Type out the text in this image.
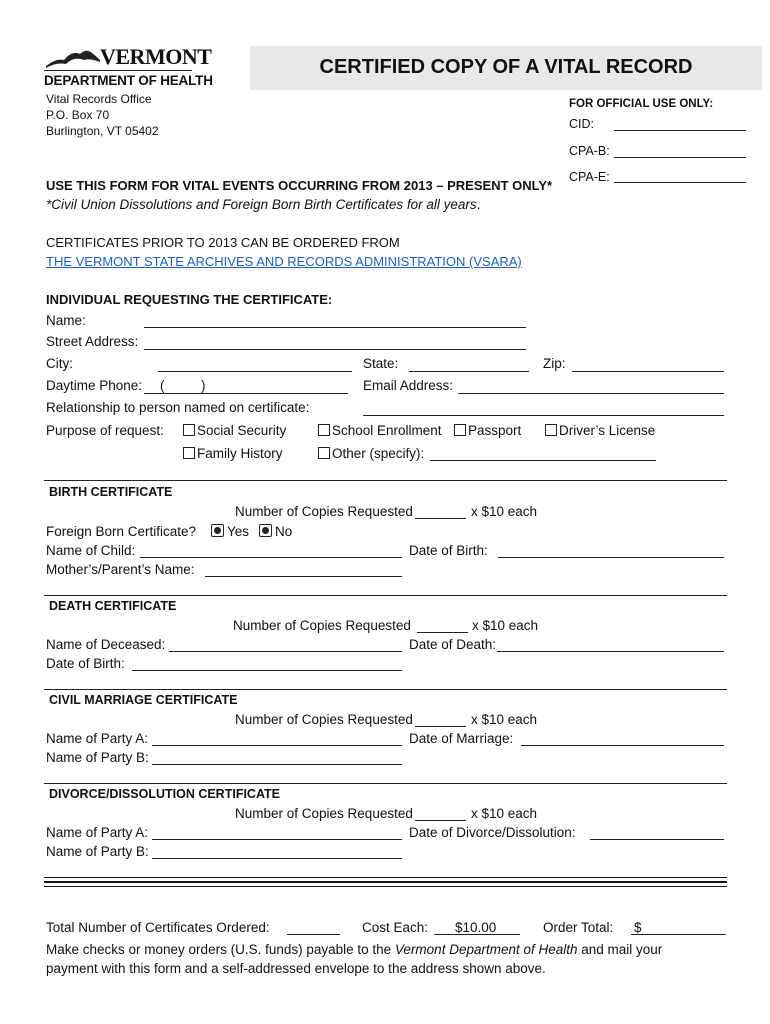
VERMONT
DEPARTMENT OF HEALTH
Vital Records Office
P.O. Box 70
Burlington, VT 05402
CERTIFIED COPY OF A VITAL RECORD
FOR OFFICIAL USE ONLY:
CID:
CPA-B:
CPA-E:
USE THIS FORM FOR VITAL EVENTS OCCURRING FROM 2013 – PRESENT ONLY*
*Civil Union Dissolutions and Foreign Born Birth Certificates for all years.
CERTIFICATES PRIOR TO 2013 CAN BE ORDERED FROM
THE VERMONT STATE ARCHIVES AND RECORDS ADMINISTRATION (VSARA)
INDIVIDUAL REQUESTING THE CERTIFICATE:
Name:
Street Address:
City:	State:	Zip:
Daytime Phone: (	)	Email Address:
Relationship to person named on certificate:
Purpose of request:	Social Security	School Enrollment	Passport	Driver’s License
Family History	Other (specify):
BIRTH CERTIFICATE
Number of Copies Requested	x $10 each
Foreign Born Certificate?	Yes	No
Name of Child:	Date of Birth:
Mother’s/Parent’s Name:
DEATH CERTIFICATE
Number of Copies Requested	x $10 each
Name of Deceased:	Date of Death:
Date of Birth:
CIVIL MARRIAGE CERTIFICATE
Number of Copies Requested	x $10 each
Name of Party A:	Date of Marriage:
Name of Party B:
DIVORCE/DISSOLUTION CERTIFICATE
Number of Copies Requested	x $10 each
Name of Party A:	Date of Divorce/Dissolution:
Name of Party B:
Total Number of Certificates Ordered:	Cost Each: $10.00	Order Total: $
Make checks or money orders (U.S. funds) payable to the Vermont Department of Health and mail your
payment with this form and a self-addressed envelope to the address shown above.
